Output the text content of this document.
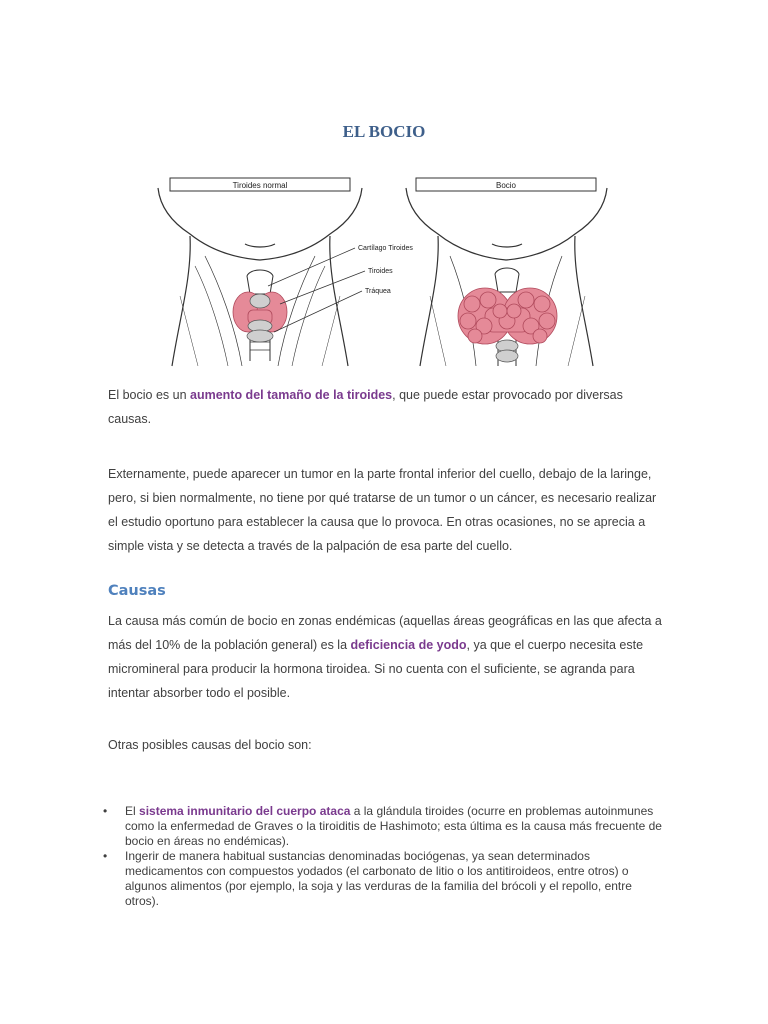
EL BOCIO
Tiroides normal	Bocio
Cartílago Tiroides
Tiroides
Tráquea

El bocio es un aumento del tamaño de la tiroides, que puede estar provocado por diversas causas.

Externamente, puede aparecer un tumor en la parte frontal inferior del cuello, debajo de la laringe, pero, si bien normalmente, no tiene por qué tratarse de un tumor o un cáncer, es necesario realizar el estudio oportuno para establecer la causa que lo provoca. En otras ocasiones, no se aprecia a simple vista y se detecta a través de la palpación de esa parte del cuello.

Causas

La causa más común de bocio en zonas endémicas (aquellas áreas geográficas en las que afecta a más del 10% de la población general) es la deficiencia de yodo, ya que el cuerpo necesita este micromineral para producir la hormona tiroidea. Si no cuenta con el suficiente, se agranda para intentar absorber todo el posible.

Otras posibles causas del bocio son:

• El sistema inmunitario del cuerpo ataca a la glándula tiroides (ocurre en problemas autoinmunes como la enfermedad de Graves o la tiroiditis de Hashimoto; esta última es la causa más frecuente de bocio en áreas no endémicas).
• Ingerir de manera habitual sustancias denominadas bociógenas, ya sean determinados medicamentos con compuestos yodados (el carbonato de litio o los antitiroideos, entre otros) o algunos alimentos (por ejemplo, la soja y las verduras de la familia del brócoli y el repollo, entre otros).
